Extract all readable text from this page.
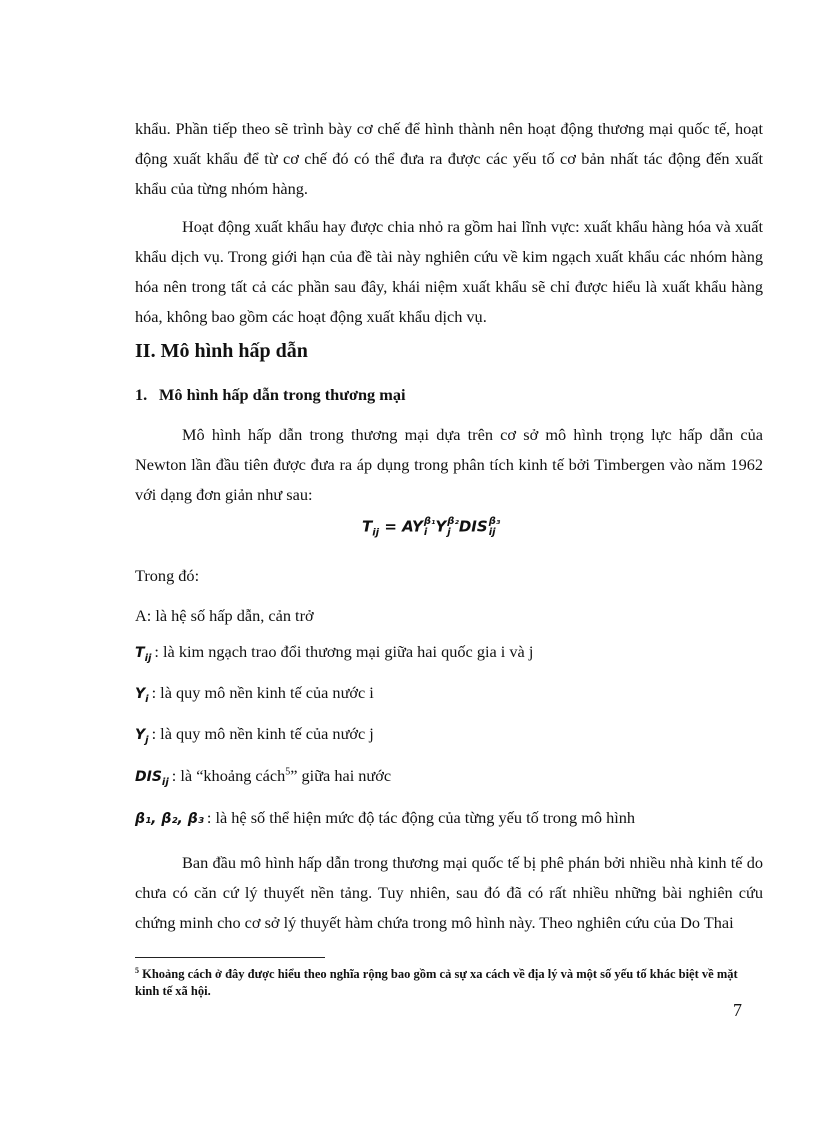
khẩu. Phần tiếp theo sẽ trình bày cơ chế để hình thành nên hoạt động thương mại quốc tế, hoạt động xuất khẩu để từ cơ chế đó có thể đưa ra được các yếu tố cơ bản nhất tác động đến xuất khẩu của từng nhóm hàng.

Hoạt động xuất khẩu hay được chia nhỏ ra gồm hai lĩnh vực: xuất khẩu hàng hóa và xuất khẩu dịch vụ. Trong giới hạn của đề tài này nghiên cứu về kim ngạch xuất khẩu các nhóm hàng hóa nên trong tất cả các phần sau đây, khái niệm xuất khẩu sẽ chỉ được hiểu là xuất khẩu hàng hóa, không bao gồm các hoạt động xuất khẩu dịch vụ.

II. Mô hình hấp dẫn
1. Mô hình hấp dẫn trong thương mại

Mô hình hấp dẫn trong thương mại dựa trên cơ sở mô hình trọng lực hấp dẫn của Newton lần đầu tiên được đưa ra áp dụng trong phân tích kinh tế bởi Timbergen vào năm 1962 với dạng đơn giản như sau:

$T_{ij}$ = AY β₁
i Y β₂
j DIS β₃
ij
Trong đó:
A: là hệ số hấp dẫn, cản trở
$T_{ij}$ : là kim ngạch trao đổi thương mại giữa hai quốc gia i và j
$Y_i$ : là quy mô nền kinh tế của nước i
$Y_j$ : là quy mô nền kinh tế của nước j
$DIS_{ij}$ : là “khoảng cách$^5$” giữa hai nước
β₁, β₂, β₃ : là hệ số thể hiện mức độ tác động của từng yếu tố trong mô hình

Ban đầu mô hình hấp dẫn trong thương mại quốc tế bị phê phán bởi nhiều nhà kinh tế do chưa có căn cứ lý thuyết nền tảng. Tuy nhiên, sau đó đã có rất nhiều những bài nghiên cứu chứng minh cho cơ sở lý thuyết hàm chứa trong mô hình này. Theo nghiên cứu của Do Thai

$^5$ Khoảng cách ở đây được hiểu theo nghĩa rộng bao gồm cả sự xa cách về địa lý và một số yếu tố khác biệt về mặt kinh tế xã hội.
7
